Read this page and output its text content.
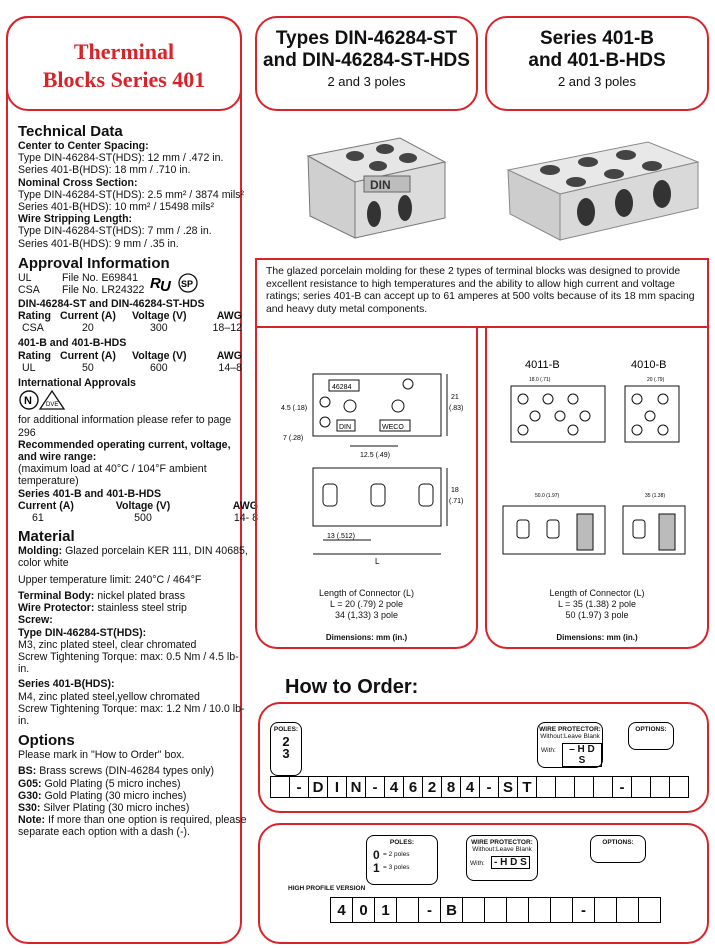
Therminal
Blocks Series 401
Technical Data
Center to Center Spacing:
Type DIN-46284-ST(HDS): 12 mm / .472 in.
Series 401-B(HDS): 18 mm / .710 in.
Nominal Cross Section:
Type DIN-46284-ST(HDS): 2.5 mm² / 3874 mils²
Series 401-B(HDS): 10 mm² / 15498 mils²
Wire Stripping Length:
Type DIN-46284-ST(HDS): 7 mm / .28 in.
Series 401-B(HDS): 9 mm / .35 in.
Approval Information
UL	File No. E69841
CSA File No. LR24322 R U SP
DIN-46284-ST and DIN-46284-ST-HDS
Rating Current (A)	Voltage (V)	AWG
CSA	20	300	18–12
401-B and 401-B-HDS
Rating Current (A)	Voltage (V)	AWG
UL	50	600	14–8
International Approvals
N DVE
for additional information please refer to page 296
Recommended operating current, voltage,
and wire range:
(maximum load at 40°C / 104°F ambient temperature)
Series 401-B and 401-B-HDS
Current (A)	Voltage (V)	AWG
61	500	14- 8
Material
Molding: Glazed porcelain KER 111, DIN 40685, color white
Upper temperature limit: 240°C / 464°F
Terminal Body: nickel plated brass
Wire Protector: stainless steel strip
Screw:
Type DIN-46284-ST(HDS):
M3, zinc plated steel, clear chromated
Screw Tightening Torque: max: 0.5 Nm / 4.5 lb-in.
Series 401-B(HDS):
M4, zinc plated steel,yellow chromated
Screw Tightening Torque: max: 1.2 Nm / 10.0 lb-in.
Options
Please mark in "How to Order" box.
BS: Brass screws (DIN-46284 types only)
G05: Gold Plating (5 micro inches)
G30: Gold Plating (30 micro inches)
S30: Silver Plating (30 micro inches)
Note: If more than one option is required, please separate each option with a dash (-).
Types DIN-46284-ST
and DIN-46284-ST-HDS
2 and 3 poles
Series 401-B
and 401-B-HDS
2 and 3 poles
DIN
The glazed porcelain molding for these 2 types of terminal blocks was designed to provide excellent resistance to high temperatures and the ability to allow high current and voltage ratings; series 401-B can accept up to 61 amperes at 500 volts because of its 18 mm spacing and heavy duty metal components.
46284
DIN	WECO
4.5 (.18)
7 (.28)
12.5 (.49)
21
(.83)
18
(.71)
13 (.512)
L
Length of Connector (L)
L = 20 (.79) 2 pole
34 (1,33) 3 pole
Dimensions: mm (in.)
4011-B	4010-B
18.0 (.71)	20 (.79)
50.0 (1.97)	35 (1.38)
Length of Connector (L)
L = 35 (1.38) 2 pole
50 (1.97) 3 pole
Dimensions: mm (in.)
How to Order:
POLES:
2
3
WIRE PROTECTOR:
Without:Leave Blank
With:	– H D S
OPTIONS:
- D I N - 4 6 2 8 4 - S T	-
POLES:
0 = 2 poles
1 = 3 poles
WIRE PROTECTOR:
Without:Leave Blank
With: - H D S
OPTIONS:
HIGH PROFILE VERSION
4 0 1	- B	-
